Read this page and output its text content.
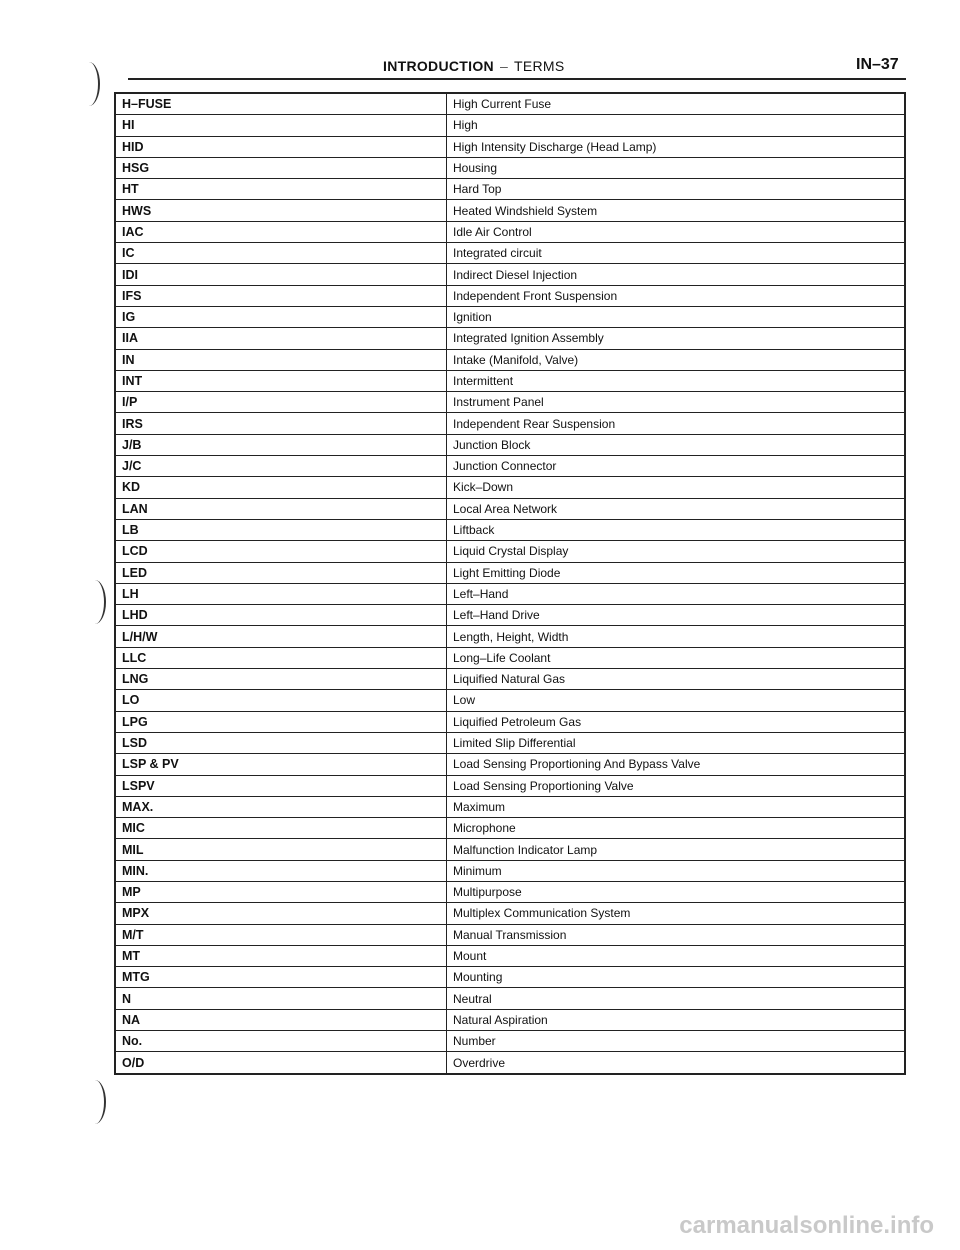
INTRODUCTION – TERMS	IN–37
H–FUSE	High Current Fuse
HI	High
HID	High Intensity Discharge (Head Lamp)
HSG	Housing
HT	Hard Top
HWS	Heated Windshield System
IAC	Idle Air Control
IC	Integrated circuit
IDI	Indirect Diesel Injection
IFS	Independent Front Suspension
IG	Ignition
IIA	Integrated Ignition Assembly
IN	Intake (Manifold, Valve)
INT	Intermittent
I/P	Instrument Panel
IRS	Independent Rear Suspension
J/B	Junction Block
J/C	Junction Connector
KD	Kick–Down
LAN	Local Area Network
LB	Liftback
LCD	Liquid Crystal Display
LED	Light Emitting Diode
LH	Left–Hand
LHD	Left–Hand Drive
L/H/W	Length, Height, Width
LLC	Long–Life Coolant
LNG	Liquified Natural Gas
LO	Low
LPG	Liquified Petroleum Gas
LSD	Limited Slip Differential
LSP & PV	Load Sensing Proportioning And Bypass Valve
LSPV	Load Sensing Proportioning Valve
MAX.	Maximum
MIC	Microphone
MIL	Malfunction Indicator Lamp
MIN.	Minimum
MP	Multipurpose
MPX	Multiplex Communication System
M/T	Manual Transmission
MT	Mount
MTG	Mounting
N	Neutral
NA	Natural Aspiration
No.	Number
O/D	Overdrive
carmanualsonline.info
